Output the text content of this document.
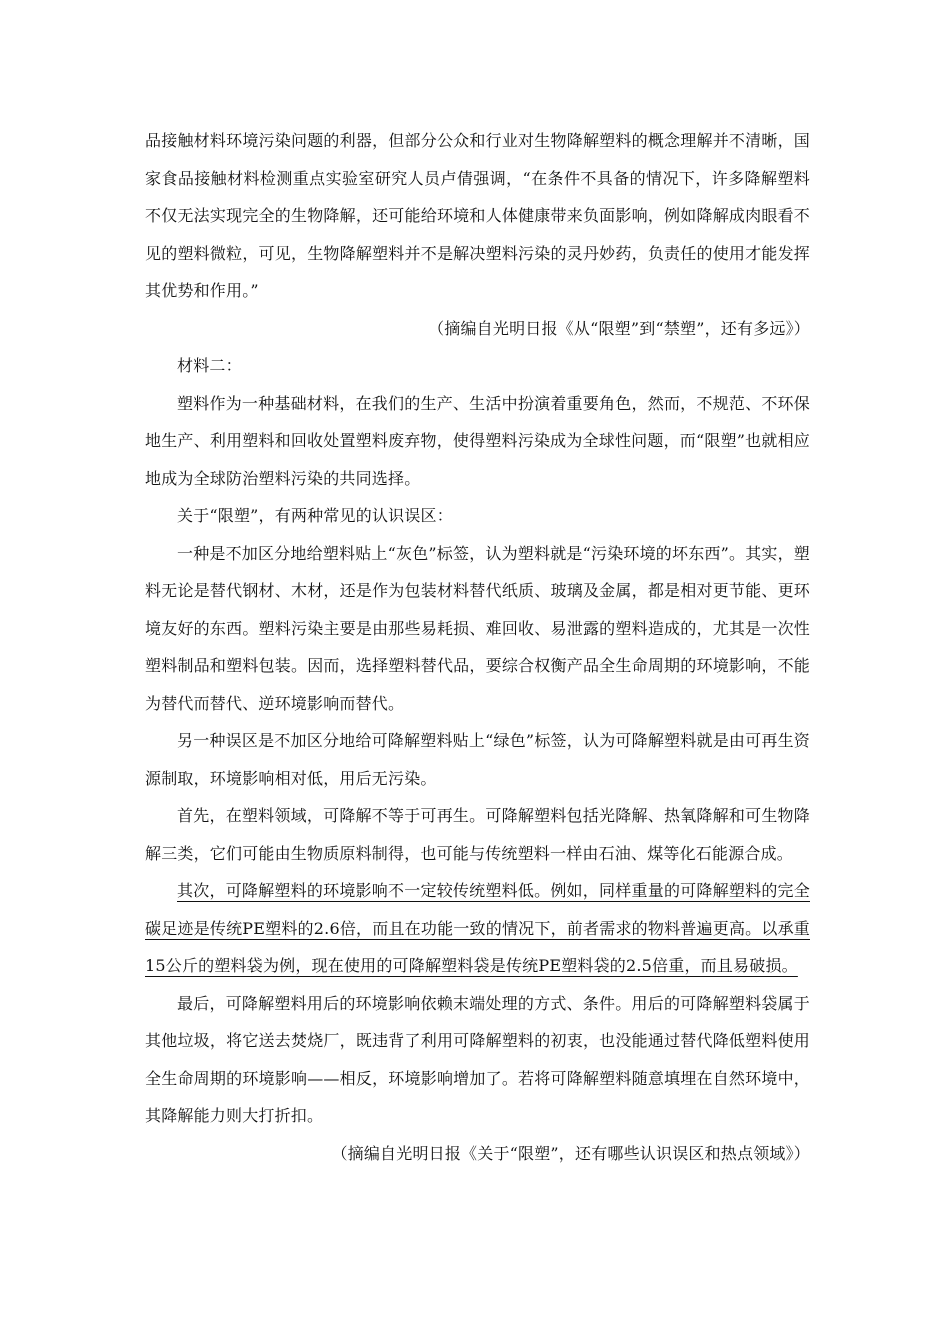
品接触材料环境污染问题的利器，但部分公众和行业对生物降解塑料的概念理解并不清晰，国家食品接触材料检测重点实验室研究人员卢倩强调，“在条件不具备的情况下，许多降解塑料不仅无法实现完全的生物降解，还可能给环境和人体健康带来负面影响，例如降解成肉眼看不见的塑料微粒，可见，生物降解塑料并不是解决塑料污染的灵丹妙药，负责任的使用才能发挥其优势和作用。”

（摘编自光明日报《从“限塑”到“禁塑”，还有多远》）

材料二：

塑料作为一种基础材料，在我们的生产、生活中扮演着重要角色，然而，不规范、不环保地生产、利用塑料和回收处置塑料废弃物，使得塑料污染成为全球性问题，而“限塑”也就相应地成为全球防治塑料污染的共同选择。

关于“限塑”，有两种常见的认识误区：

一种是不加区分地给塑料贴上“灰色”标签，认为塑料就是“污染环境的坏东西”。其实，塑料无论是替代钢材、木材，还是作为包装材料替代纸质、玻璃及金属，都是相对更节能、更环境友好的东西。塑料污染主要是由那些易耗损、难回收、易泄露的塑料造成的，尤其是一次性塑料制品和塑料包装。因而，选择塑料替代品，要综合权衡产品全生命周期的环境影响，不能为替代而替代、逆环境影响而替代。

另一种误区是不加区分地给可降解塑料贴上“绿色”标签，认为可降解塑料就是由可再生资源制取，环境影响相对低，用后无污染。

首先，在塑料领域，可降解不等于可再生。可降解塑料包括光降解、热氧降解和可生物降解三类，它们可能由生物质原料制得，也可能与传统塑料一样由石油、煤等化石能源合成。

其次，可降解塑料的环境影响不一定较传统塑料低。例如，同样重量的可降解塑料的完全碳足迹是传统PE塑料的2.6倍，而且在功能一致的情况下，前者需求的物料普遍更高。以承重15公斤的塑料袋为例，现在使用的可降解塑料袋是传统PE塑料袋的2.5倍重，而且易破损。

最后，可降解塑料用后的环境影响依赖末端处理的方式、条件。用后的可降解塑料袋属于其他垃圾，将它送去焚烧厂，既违背了利用可降解塑料的初衷，也没能通过替代降低塑料使用全生命周期的环境影响——相反，环境影响增加了。若将可降解塑料随意填埋在自然环境中，其降解能力则大打折扣。

（摘编自光明日报《关于“限塑”，还有哪些认识误区和热点领域》）
